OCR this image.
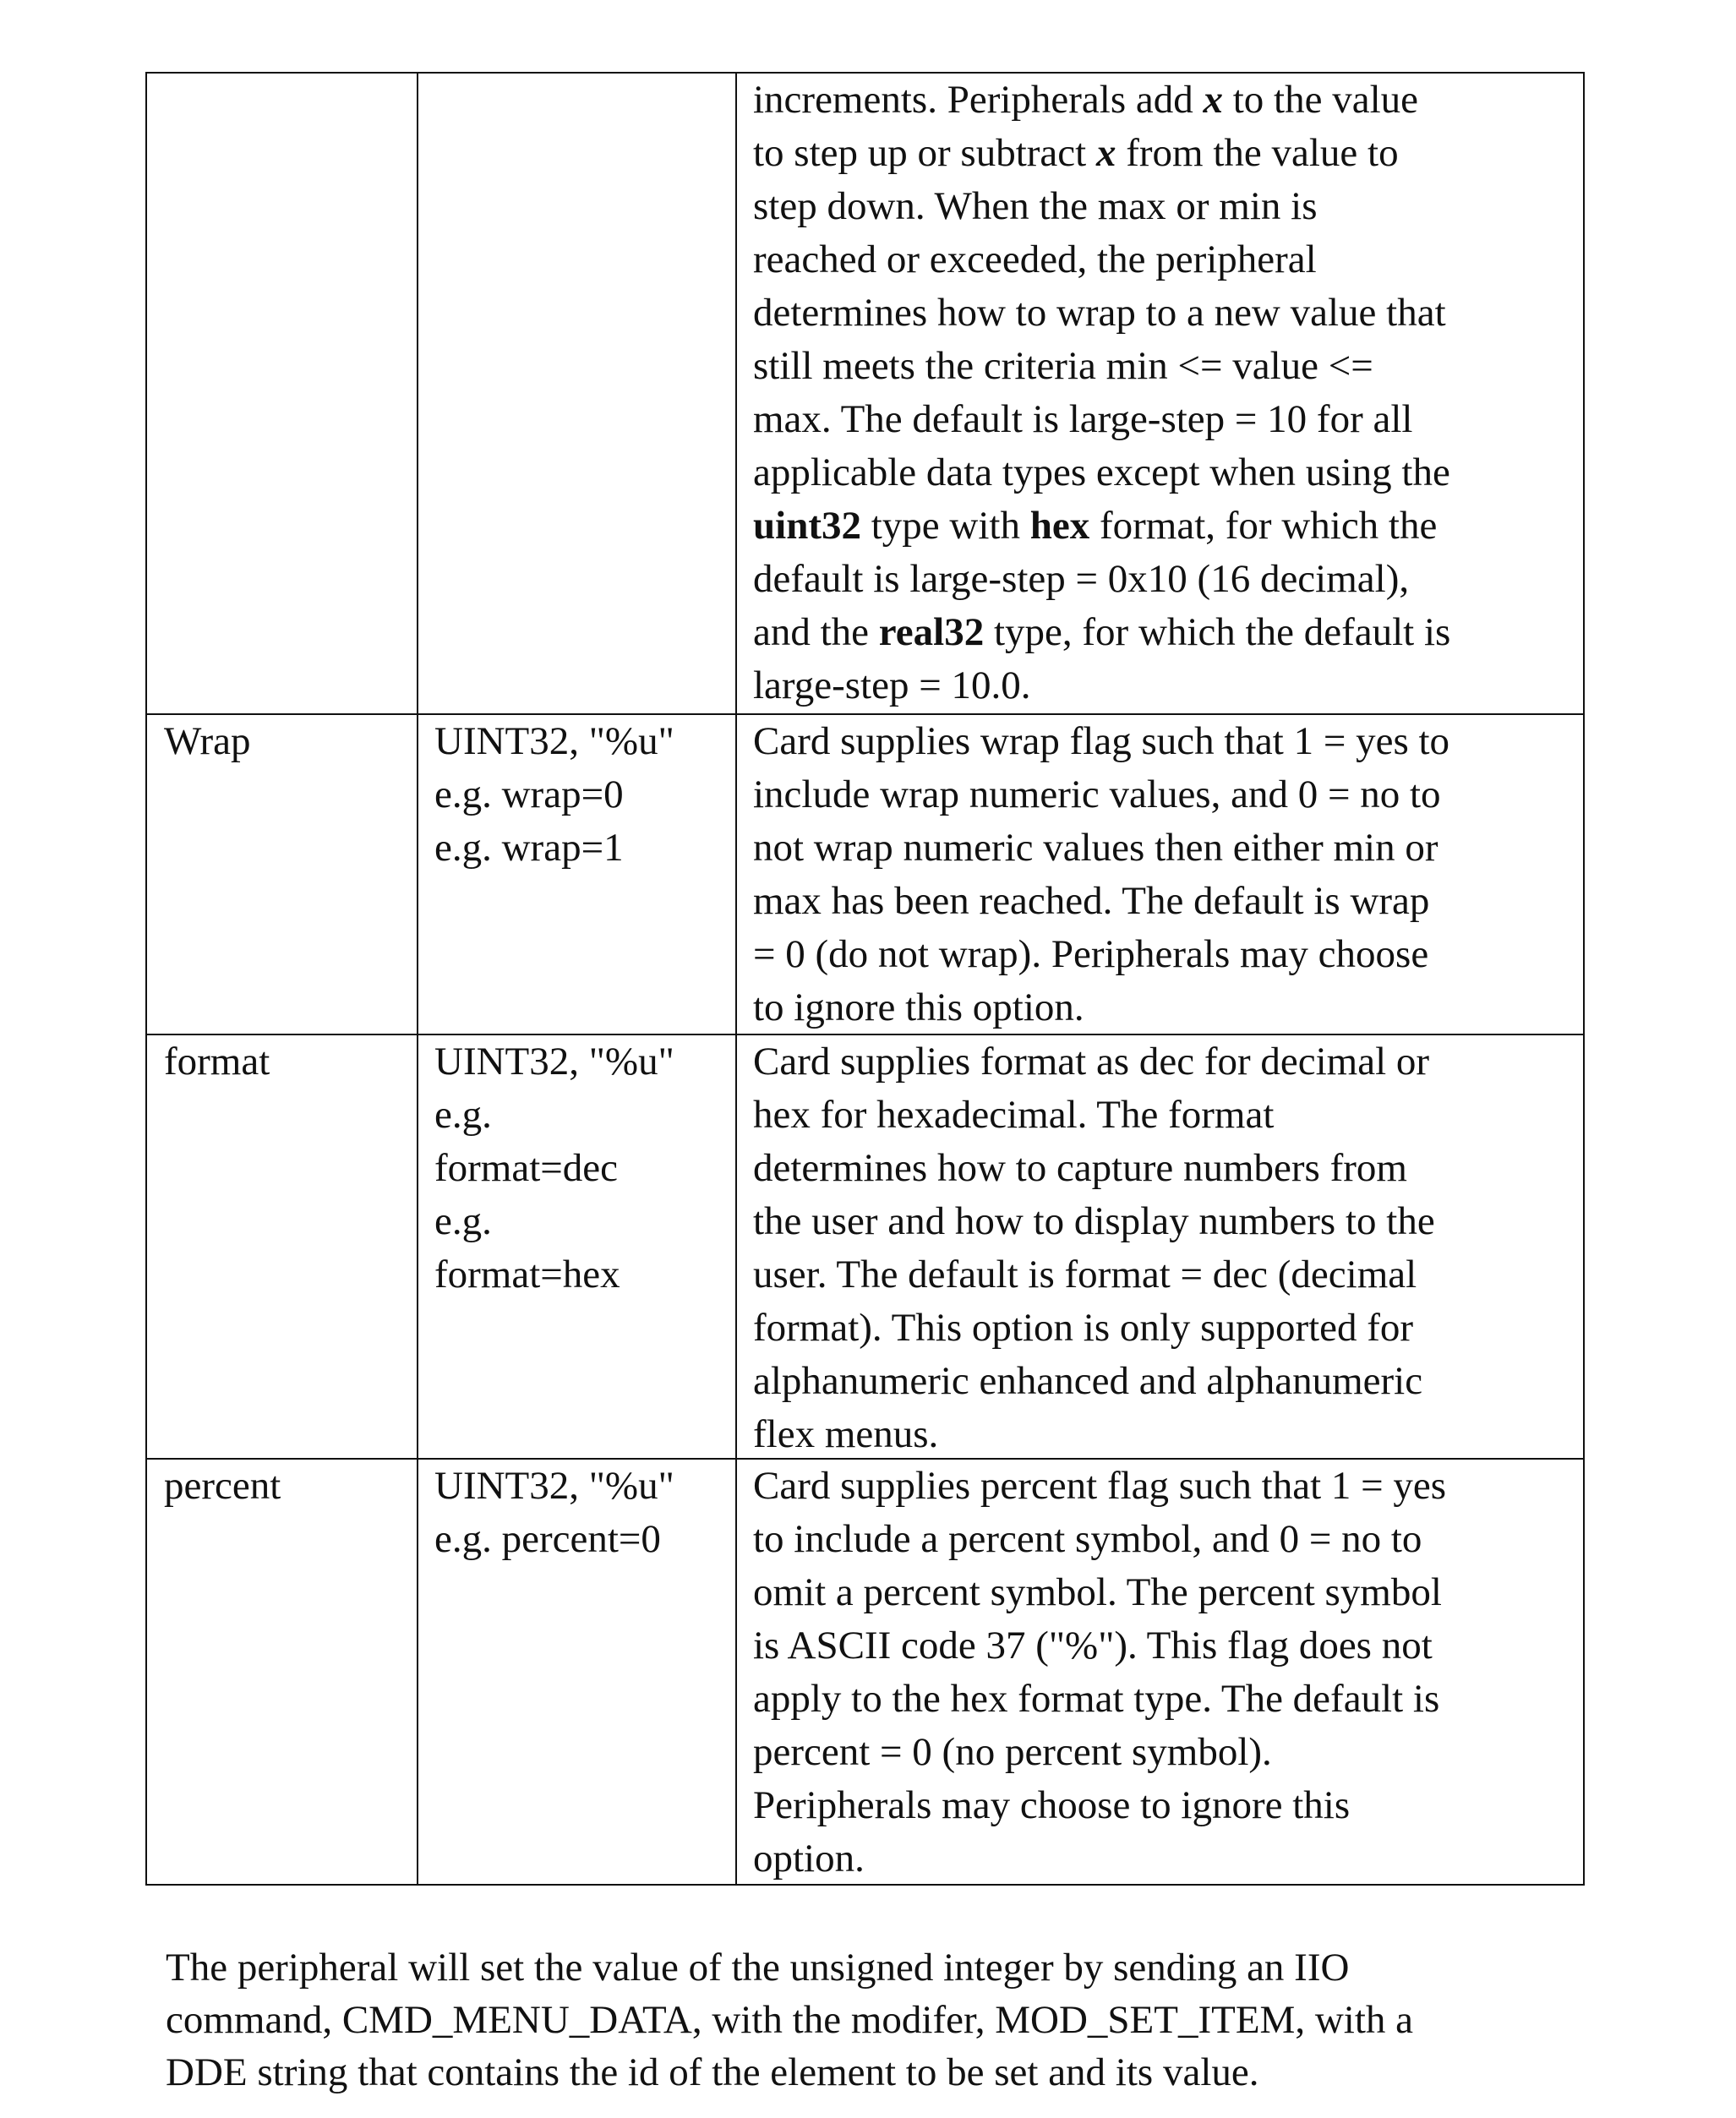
increments. Peripherals add x to the value
to step up or subtract x from the value to
step down. When the max or min is
reached or exceeded, the peripheral
determines how to wrap to a new value that
still meets the criteria min <= value <=
max. The default is large-step = 10 for all
applicable data types except when using the
uint32 type with hex format, for which the
default is large-step = 0x10 (16 decimal),
and the real32 type, for which the default is
large-step = 10.0.
Wrap	UINT32, "%u"
e.g. wrap=0
e.g. wrap=1
Card supplies wrap flag such that 1 = yes to
include wrap numeric values, and 0 = no to
not wrap numeric values then either min or
max has been reached. The default is wrap
= 0 (do not wrap). Peripherals may choose
to ignore this option.
format	UINT32, "%u"
e.g.
format=dec
e.g.
format=hex
Card supplies format as dec for decimal or
hex for hexadecimal. The format
determines how to capture numbers from
the user and how to display numbers to the
user. The default is format = dec (decimal
format). This option is only supported for
alphanumeric enhanced and alphanumeric
flex menus.
percent	UINT32, "%u"
e.g. percent=0
Card supplies percent flag such that 1 = yes
to include a percent symbol, and 0 = no to
omit a percent symbol. The percent symbol
is ASCII code 37 ("%"). This flag does not
apply to the hex format type. The default is
percent = 0 (no percent symbol).
Peripherals may choose to ignore this
option.
The peripheral will set the value of the unsigned integer by sending an IIO
command, CMD_MENU_DATA, with the modifer, MOD_SET_ITEM, with a
DDE string that contains the id of the element to be set and its value.
